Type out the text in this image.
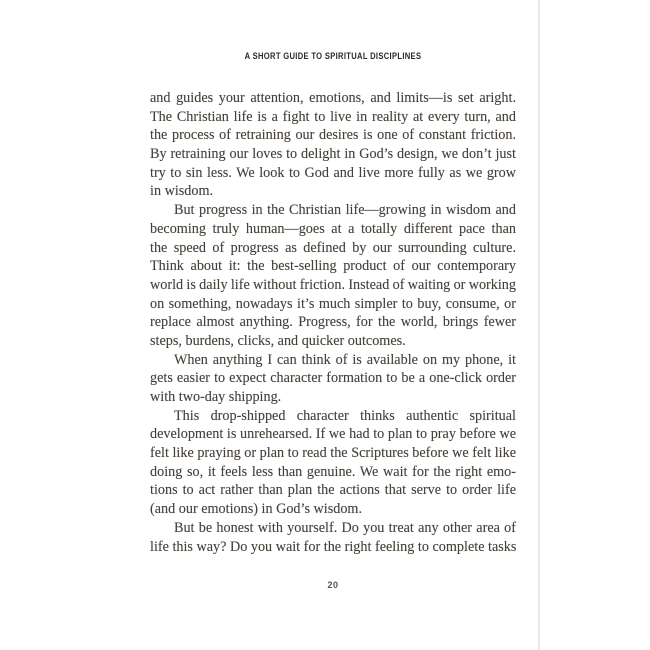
A SHORT GUIDE TO SPIRITUAL DISCIPLINES
and guides your attention, emotions, and limits—is set aright.
The Christian life is a fight to live in reality at every turn, and
the process of retraining our desires is one of constant friction.
By retraining our loves to delight in God’s design, we don’t just
try to sin less. We look to God and live more fully as we grow
in wisdom.
But progress in the Christian life—growing in wisdom and
becoming truly human—goes at a totally different pace than
the speed of progress as defined by our surrounding culture.
Think about it: the best-selling product of our contemporary
world is daily life without friction. Instead of waiting or working
on something, nowadays it’s much simpler to buy, consume, or
replace almost anything. Progress, for the world, brings fewer
steps, burdens, clicks, and quicker outcomes.
When anything I can think of is available on my phone, it
gets easier to expect character formation to be a one-click order
with two-day shipping.
This drop-shipped character thinks authentic spiritual
development is unrehearsed. If we had to plan to pray before we
felt like praying or plan to read the Scriptures before we felt like
doing so, it feels less than genuine. We wait for the right emo-
tions to act rather than plan the actions that serve to order life
(and our emotions) in God’s wisdom.
But be honest with yourself. Do you treat any other area of
life this way? Do you wait for the right feeling to complete tasks
20
